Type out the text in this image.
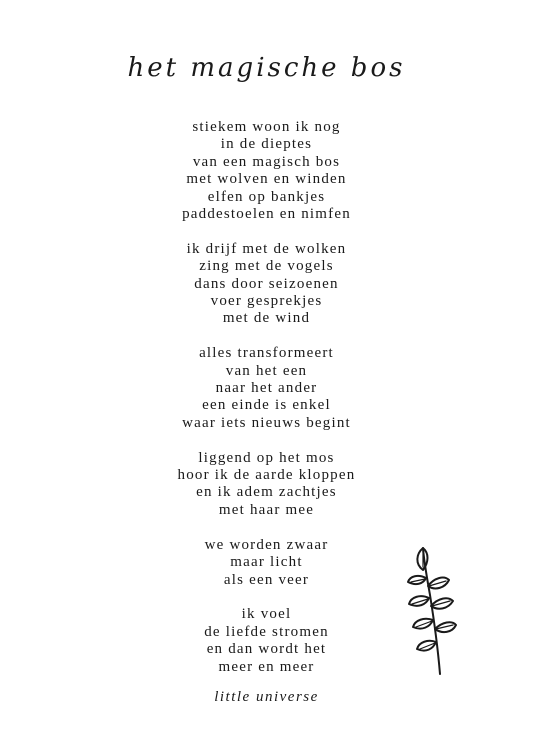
het magische bos
stiekem woon ik nog
in de dieptes
van een magisch bos
met wolven en winden
elfen op bankjes
paddestoelen en nimfen
ik drijf met de wolken
zing met de vogels
dans door seizoenen
voer gesprekjes
met de wind
alles transformeert
van het een
naar het ander
een einde is enkel
waar iets nieuws begint
liggend op het mos
hoor ik de aarde kloppen
en ik adem zachtjes
met haar mee
we worden zwaar
maar licht
als een veer
ik voel
de liefde stromen
en dan wordt het
meer en meer
little universe
